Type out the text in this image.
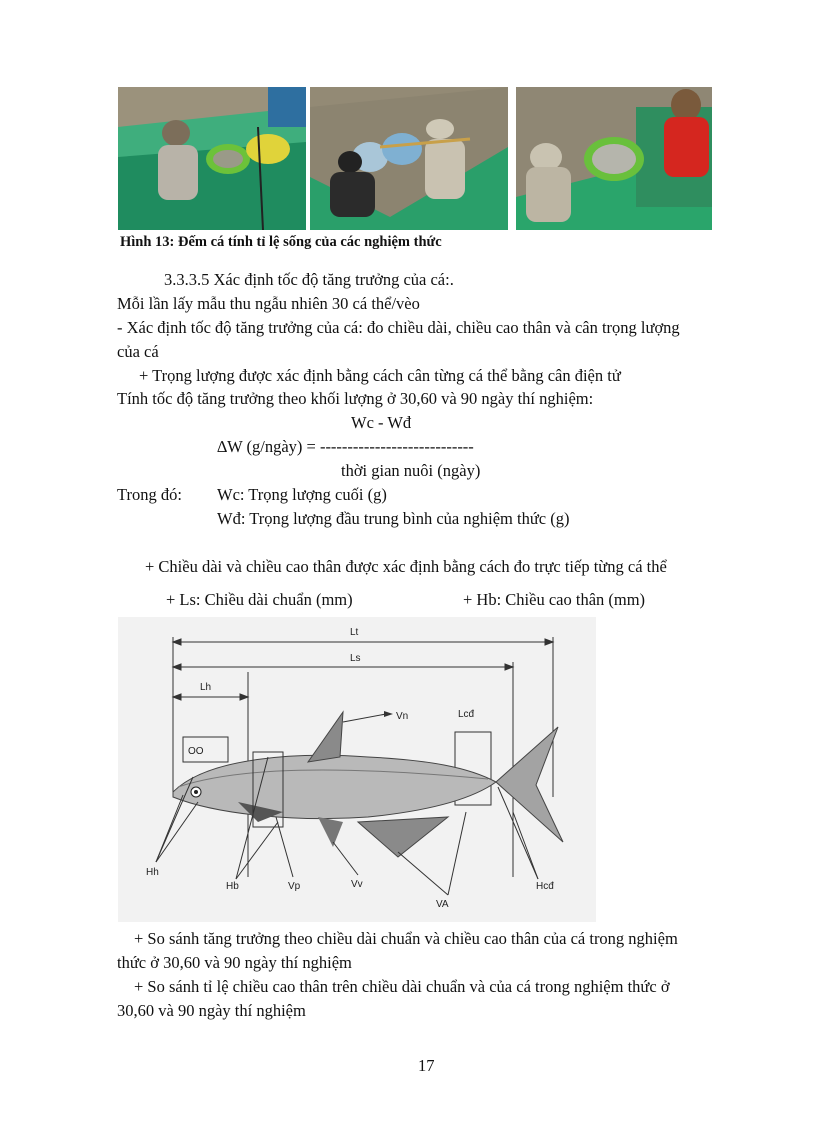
Hình 13: Đếm cá tính tỉ lệ sống của các nghiệm thức
3.3.3.5 Xác định tốc độ tăng trưởng của cá:.
Mỗi lần lấy mẫu thu ngẫu nhiên 30 cá thể/vèo
- Xác định tốc độ tăng trưởng của cá: đo chiều dài, chiều cao thân và cân trọng lượng
của cá
+ Trọng lượng được xác định bằng cách cân từng cá thể bằng cân điện tử
Tính tốc độ tăng trưởng theo khối lượng ở 30,60 và 90 ngày thí nghiệm:
Wc - Wđ
∆W (g/ngày) = ----------------------------
thời gian nuôi (ngày)
Trong đó: Wc: Trọng lượng cuối (g)
Wđ: Trọng lượng đầu trung bình của nghiệm thức (g)
+ Chiều dài và chiều cao thân được xác định bằng cách đo trực tiếp từng cá thể
+ Ls: Chiều dài chuẩn (mm)	+ Hb: Chiều cao thân (mm)
Lt
Ls
Lh
Vn	Lcđ
OO
Hh
Hb	Vp	Vv
VA
Hcđ
+ So sánh tăng trưởng theo chiều dài chuẩn và chiều cao thân của cá trong nghiệm
thức ở 30,60 và 90 ngày thí nghiệm
+ So sánh tỉ lệ chiều cao thân trên chiều dài chuẩn và của cá trong nghiệm thức ở
30,60 và 90 ngày thí nghiệm
17
